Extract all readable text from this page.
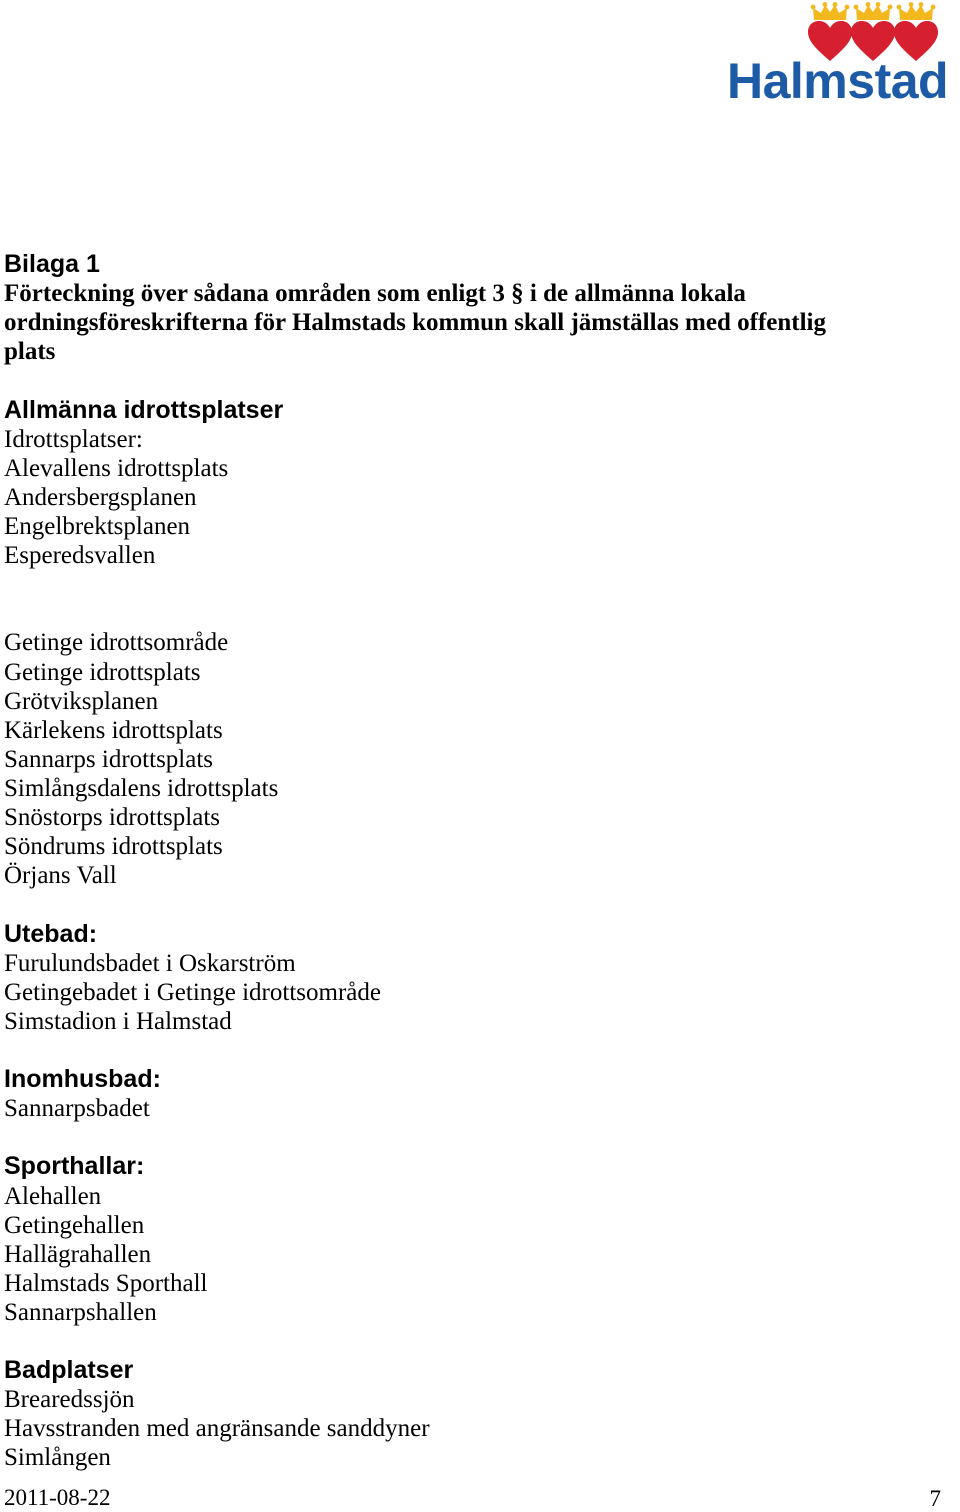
Halmstad
Bilaga 1
Förteckning över sådana områden som enligt 3 § i de allmänna lokala
ordningsföreskrifterna för Halmstads kommun skall jämställas med offentlig
plats
Allmänna idrottsplatser
Idrottsplatser:
Alevallens idrottsplats
Andersbergsplanen
Engelbrektsplanen
Esperedsvallen
Getinge idrottsområde
Getinge idrottsplats
Grötviksplanen
Kärlekens idrottsplats
Sannarps idrottsplats
Simlångsdalens idrottsplats
Snöstorps idrottsplats
Söndrums idrottsplats
Örjans Vall
Utebad:
Furulundsbadet i Oskarström
Getingebadet i Getinge idrottsområde
Simstadion i Halmstad
Inomhusbad:
Sannarpsbadet
Sporthallar:
Alehallen
Getingehallen
Hallägrahallen
Halmstads Sporthall
Sannarpshallen
Badplatser
Brearedssjön
Havsstranden med angränsande sanddyner
Simlången
2011-08-22	7
